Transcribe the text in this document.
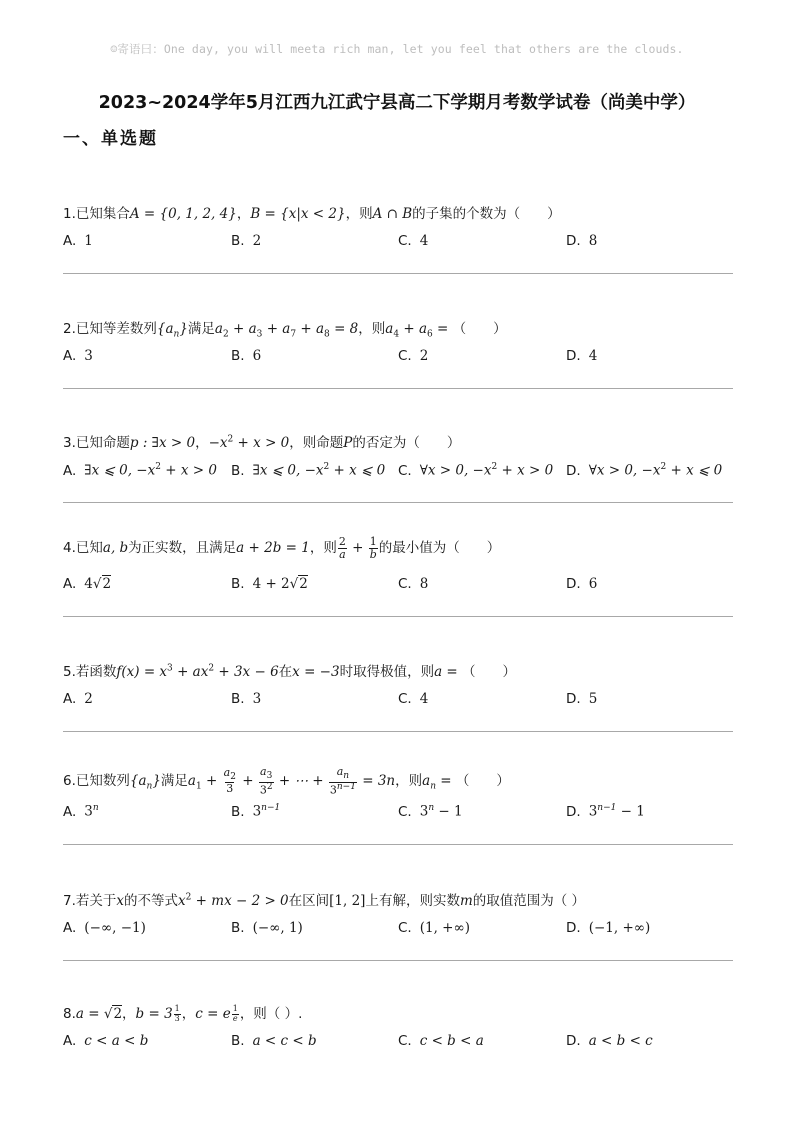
☺寄语曰：One day, you will meeta rich man, let you feel that others are the clouds.
2023~2024学年5月江西九江武宁县高二下学期月考数学试卷（尚美中学）
一、单选题
1.已知集合A = {0, 1, 2, 4}，B = {x|x < 2}，则A ∩ B的子集的个数为（　　）
A. 1	B. 2	C. 4	D. 8
2.已知等差数列$\{a_n\}$满足$a_2 + a_3 + a_7 + a_8 = 8$，则$a_4 + a_6$ = （　　）
A. 3	B. 6	C. 2	D. 4
3.已知命题p : ∃x > 0，$-x^2 + x > 0$，则命题P的否定为（　　）
A. ∃x ⩽ 0, $-x^2 + x > 0$ B. ∃x ⩽ 0, $-x^2 + x$ ⩽ 0 C. ∀x > 0, $-x^2 + x > 0$ D. ∀x > 0, $-x^2 + x$ ⩽ 0
4.已知a, b为正实数，且满足a + 2b = 1，则 $\frac{2}{a} + \frac{1}{b}$ 的最小值为（　　）
A. 4√2	B. 4 + 2√2	C. 8	D. 6
5.若函数$f(x) = x^3 + ax^2 + 3x - 6$在x = −3时取得极值，则a = （　　）
A. 2	B. 3	C. 4	D. 5
6.已知数列$\{a_n\}$满足$a_1 + \frac{a_2}{3} + \frac{a_3}{3^2}$ + ⋯ + $\frac{a_n}{3^{n-1}} = 3n$，则$a_n$ = （　　）
A. 3$^n$	B. $3^{n-1}$	C. $3^n - 1$	D. $3^{n-1} - 1$
7.若关于x的不等式$x^2$ + mx − 2 > 0在区间[1, 2]上有解，则实数m的取值范围为（ ）
A. (−∞, −1)	B. (−∞, 1)	C. (1, +∞)	D. (−1, +∞)
8.a = √2，$b = 3 \frac{1}{3}$ ，c = e $\frac{1}{e}$ ，则（ ）.
A. c < a < b	B. a < c < b	C. c < b < a	D. a < b < c
